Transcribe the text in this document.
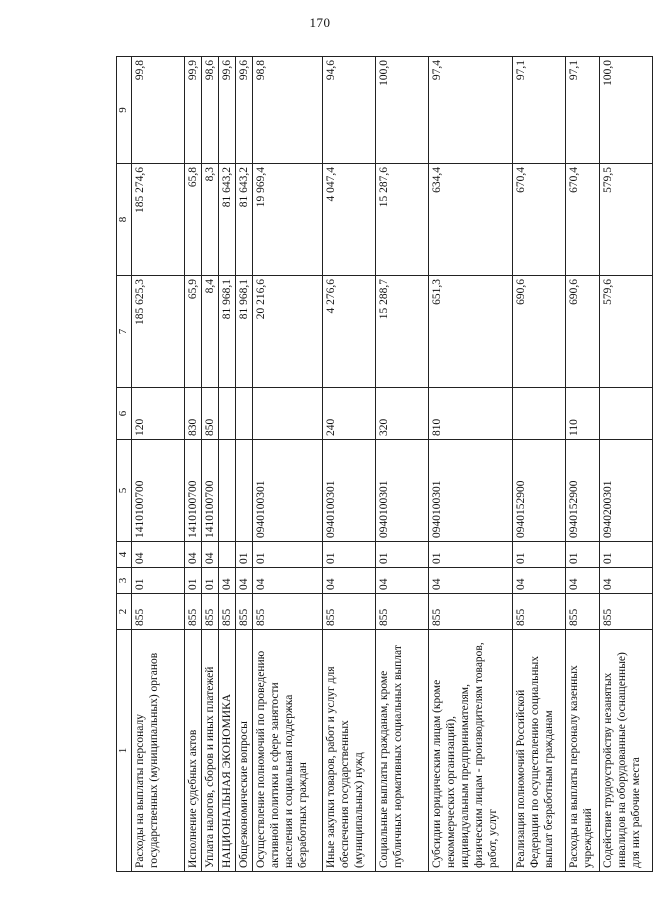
170
1	2	3	4	5	6	7	8	9
Расходы на выплаты персоналу государственных (муниципальных) органов	855	01	04	1410100700	120	185 625,3	185 274,6	99,8
Исполнение судебных актов	855	01	04	1410100700	830	65,9	65,8	99,9
Уплата налогов, сборов и иных платежей	855	01	04	1410100700	850	8,4	8,3	98,6
НАЦИОНАЛЬНАЯ ЭКОНОМИКА	855	04				81 968,1	81 643,2	99,6
Общеэкономические вопросы	855	04	01			81 968,1	81 643,2	99,6
Осуществление полномочий по проведению активной политики в сфере занятости населения и социальная поддержка безработных граждан	855	04	01	0940100301		20 216,6	19 969,4	98,8
Иные закупки товаров, работ и услуг для обеспечения государственных (муниципальных) нужд	855	04	01	0940100301	240	4 276,6	4 047,4	94,6
Социальные выплаты гражданам, кроме публичных нормативных социальных выплат	855	04	01	0940100301	320	15 288,7	15 287,6	100,0
Субсидии юридическим лицам (кроме некоммерческих организаций), индивидуальным предпринимателям, физическим лицам - производителям товаров, работ, услуг	855	04	01	0940100301	810	651,3	634,4	97,4
Реализация полномочий Российской Федерации по осуществлению социальных выплат безработным гражданам	855	04	01	0940152900		690,6	670,4	97,1
Расходы на выплаты персоналу казенных учреждений	855	04	01	0940152900	110	690,6	670,4	97,1
Содействие трудоустройству незанятых инвалидов на оборудованные (оснащенные) для них рабочие места	855	04	01	0940200301		579,6	579,5	100,0
